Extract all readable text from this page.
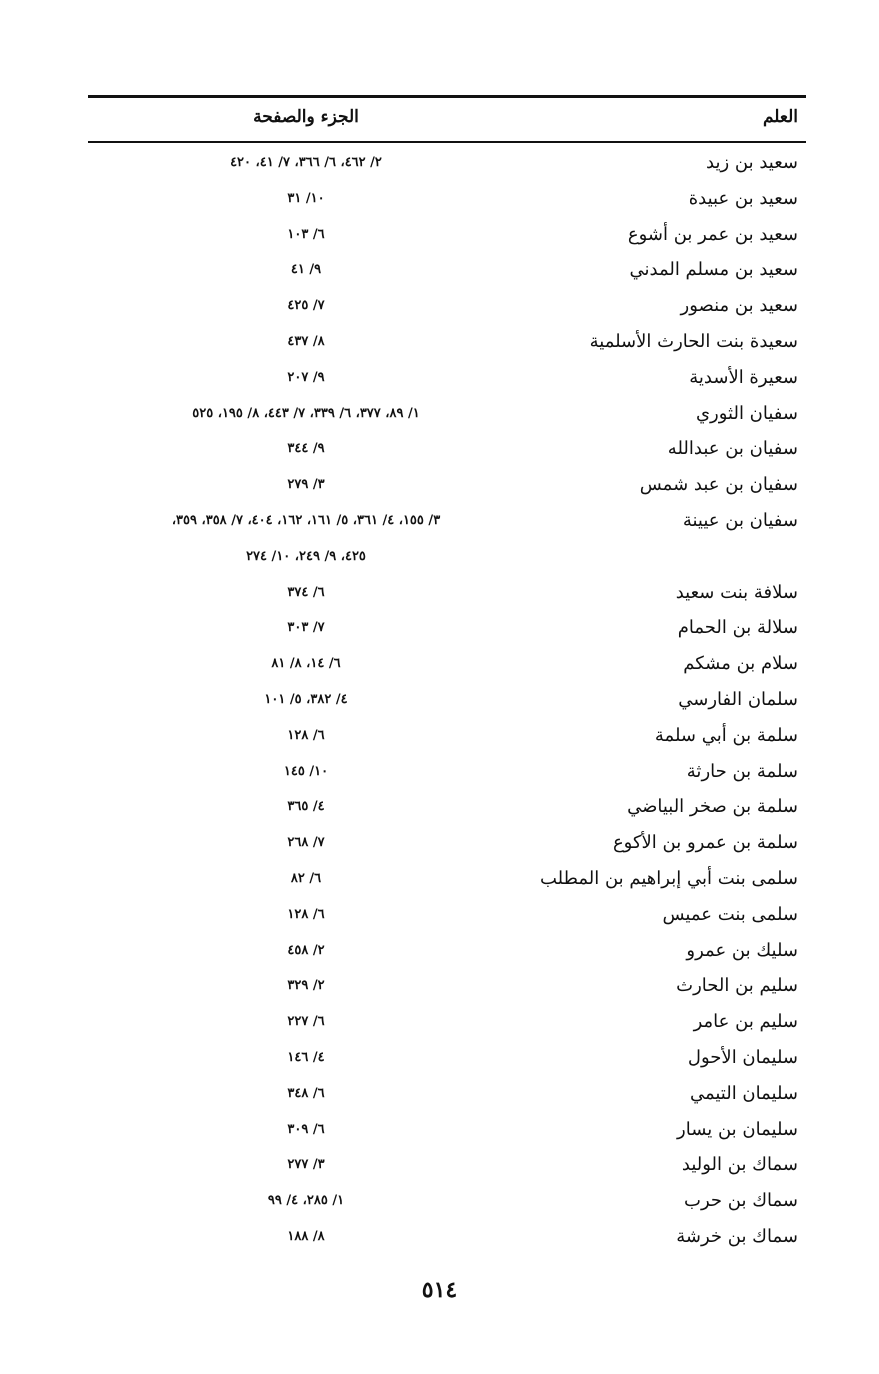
العلم
الجزء والصفحة
سعيد بن زيد
٢/ ٤٦٢، ٦/ ٣٦٦، ٧/ ٤١، ٤٢٠
سعيد بن عبيدة
١٠/ ٣١
سعيد بن عمر بن أشوع
٦/ ١٠٣
سعيد بن مسلم المدني
٩/ ٤١
سعيد بن منصور
٧/ ٤٢٥
سعيدة بنت الحارث الأسلمية
٨/ ٤٣٧
سعيرة الأسدية
٩/ ٢٠٧
سفيان الثوري
١/ ٨٩، ٣٧٧، ٦/ ٣٣٩، ٧/ ٤٤٣، ٨/ ١٩٥، ٥٢٥
سفيان بن عبدالله
٩/ ٣٤٤
سفيان بن عبد شمس
٣/ ٢٧٩
سفيان بن عيينة
٣/ ١٥٥، ٤/ ٣٦١، ٥/ ١٦١، ١٦٢، ٤٠٤، ٧/ ٣٥٨، ٣٥٩،
٤٢٥، ٩/ ٢٤٩، ١٠/ ٢٧٤
سلافة بنت سعيد
٦/ ٣٧٤
سلالة بن الحمام
٧/ ٣٠٣
سلام بن مشكم
٦/ ١٤، ٨/ ٨١
سلمان الفارسي
٤/ ٣٨٢، ٥/ ١٠١
سلمة بن أبي سلمة
٦/ ١٢٨
سلمة بن حارثة
١٠/ ١٤٥
سلمة بن صخر البياضي
٤/ ٣٦٥
سلمة بن عمرو بن الأكوع
٧/ ٢٦٨
سلمى بنت أبي إبراهيم بن المطلب
٦/ ٨٢
سلمى بنت عميس
٦/ ١٢٨
سليك بن عمرو
٢/ ٤٥٨
سليم بن الحارث
٢/ ٣٢٩
سليم بن عامر
٦/ ٢٢٧
سليمان الأحول
٤/ ١٤٦
سليمان التيمي
٦/ ٣٤٨
سليمان بن يسار
٦/ ٣٠٩
سماك بن الوليد
٣/ ٢٧٧
سماك بن حرب
١/ ٢٨٥، ٤/ ٩٩
سماك بن خرشة
٨/ ١٨٨
٥١٤
